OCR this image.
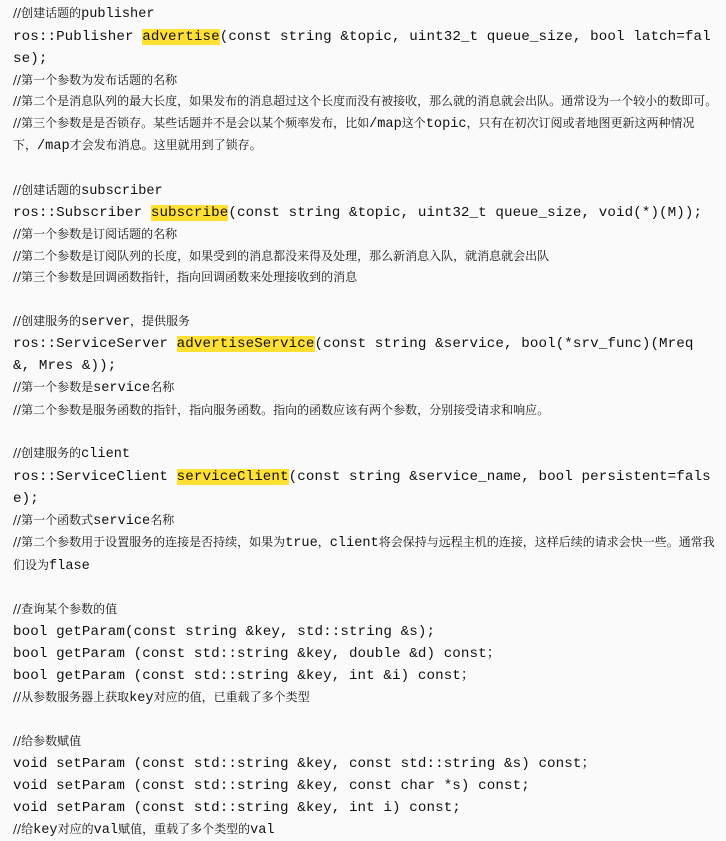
//创建话题的publisher
ros::Publisher advertise(const string &topic, uint32_t queue_size, bool latch=false);
//第一个参数为发布话题的名称
//第二个是消息队列的最大长度，如果发布的消息超过这个长度而没有被接收，那么就的消息就会出队。通常设为一个较小的数即可。
//第三个参数是是否锁存。某些话题并不是会以某个频率发布，比如/map这个topic，只有在初次订阅或者地图更新这两种情况下，/map才会发布消息。这里就用到了锁存。
//创建话题的subscriber
ros::Subscriber subscribe(const string &topic, uint32_t queue_size, void(*)(M));
//第一个参数是订阅话题的名称
//第二个参数是订阅队列的长度，如果受到的消息都没来得及处理，那么新消息入队，就消息就会出队
//第三个参数是回调函数指针，指向回调函数来处理接收到的消息
//创建服务的server，提供服务
ros::ServiceServer advertiseService(const string &service, bool(*srv_func)(Mreq &, Mres &));
//第一个参数是service名称
//第二个参数是服务函数的指针，指向服务函数。指向的函数应该有两个参数，分别接受请求和响应。
//创建服务的client
ros::ServiceClient serviceClient(const string &service_name, bool persistent=false);
//第一个函数式service名称
//第二个参数用于设置服务的连接是否持续，如果为true，client将会保持与远程主机的连接，这样后续的请求会快一些。通常我们设为flase
//查询某个参数的值
bool getParam(const string &key, std::string &s);
bool getParam (const std::string &key, double &d) const；
bool getParam (const std::string &key, int &i) const；
//从参数服务器上获取key对应的值，已重载了多个类型
//给参数赋值
void setParam (const std::string &key, const std::string &s) const；
void setParam (const std::string &key, const char *s) const;
void setParam (const std::string &key, int i) const;
//给key对应的val赋值，重载了多个类型的val
